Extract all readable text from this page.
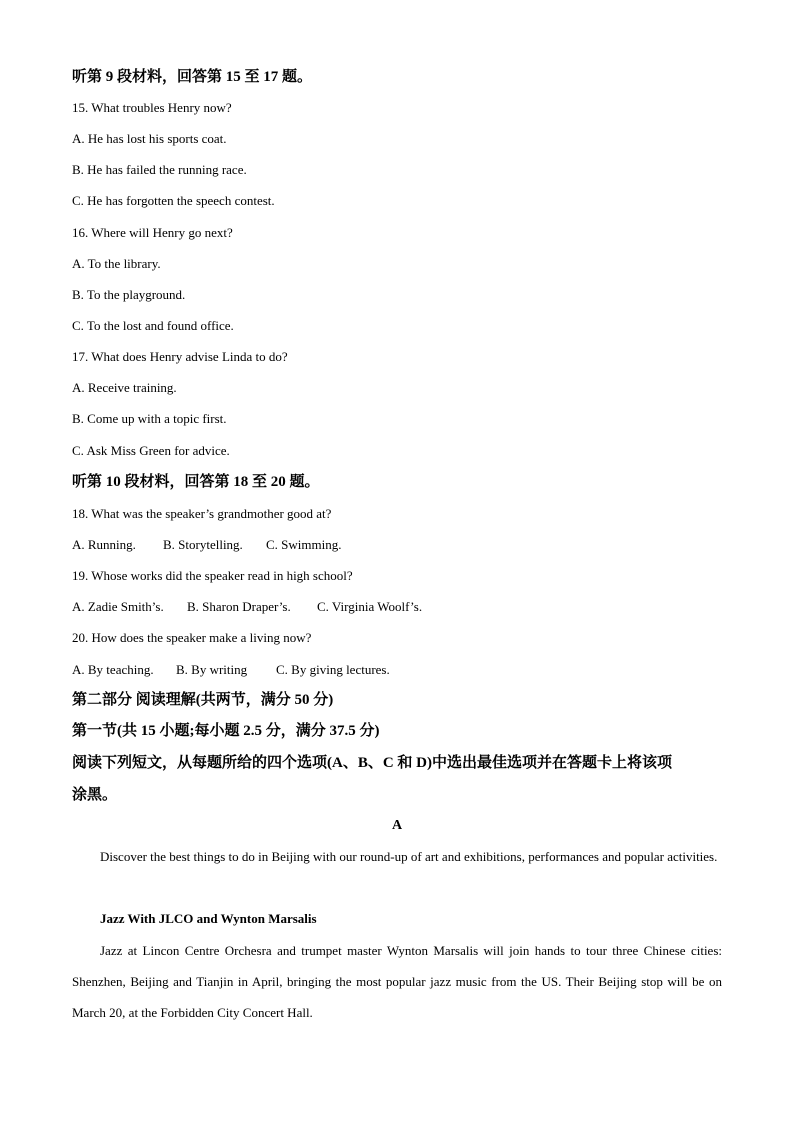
听第 9 段材料，回答第 15 至 17 题。
15. What troubles Henry now?
A. He has lost his sports coat.
B. He has failed the running race.
C. He has forgotten the speech contest.
16. Where will Henry go next?
A. To the library.
B. To the playground.
C. To the lost and found office.
17. What does Henry advise Linda to do?
A. Receive training.
B. Come up with a topic first.
C. Ask Miss Green for advice.
听第 10 段材料，回答第 18 至 20 题。
18. What was the speaker’s grandmother good at?
A. Running. B. Storytelling. C. Swimming.
19. Whose works did the speaker read in high school?
A. Zadie Smith’s. B. Sharon Draper’s. C. Virginia Woolf’s.
20. How does the speaker make a living now?
A. By teaching. B. By writing C. By giving lectures.
第二部分 阅读理解(共两节，满分 50 分)
第一节(共 15 小题;每小题 2.5 分，满分 37.5 分)
阅读下列短文，从每题所给的四个选项(A、B、C 和 D)中选出最佳选项并在答题卡上将该项
涂黑。
A
Discover the best things to do in Beijing with our round-up of art and exhibitions, performances and popular activities.
Jazz With JLCO and Wynton Marsalis
Jazz at Lincon Centre Orchesra and trumpet master Wynton Marsalis will join hands to tour three Chinese cities: Shenzhen, Beijing and Tianjin in April, bringing the most popular jazz music from the US. Their Beijing stop will be on March 20, at the Forbidden City Concert Hall.
